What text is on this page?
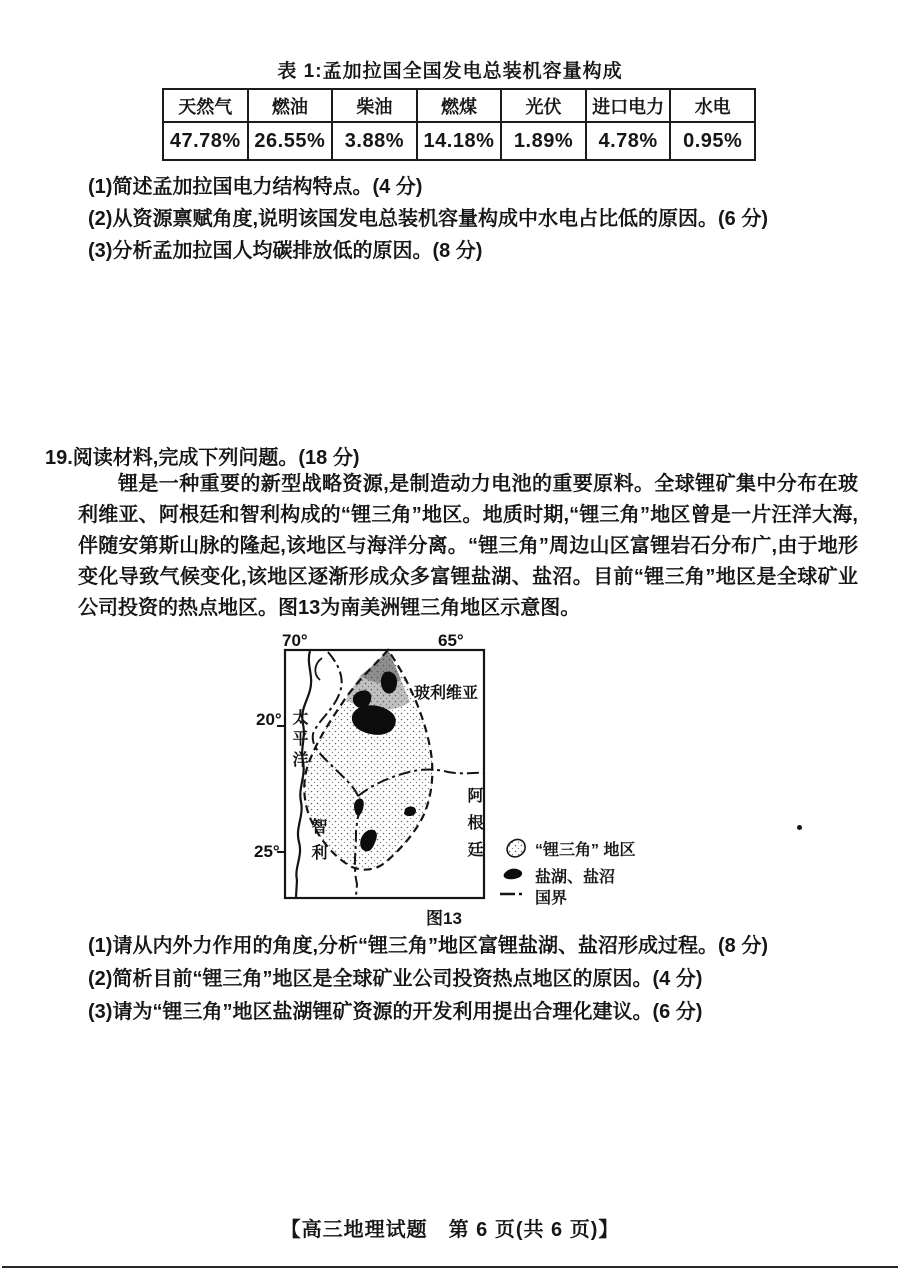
表 1:孟加拉国全国发电总装机容量构成
天然气	燃油	柴油	燃煤	光伏	进口电力	水电
47.78%	26.55%	3.88%	14.18%	1.89%	4.78%	0.95%
(1)简述孟加拉国电力结构特点。(4 分)
(2)从资源禀赋角度,说明该国发电总装机容量构成中水电占比低的原因。(6 分)
(3)分析孟加拉国人均碳排放低的原因。(8 分)
19.阅读材料,完成下列问题。(18 分)
锂是一种重要的新型战略资源,是制造动力电池的重要原料。全球锂矿集中分布在玻利维亚、阿根廷和智利构成的“锂三角”地区。地质时期,“锂三角”地区曾是一片汪洋大海,伴随安第斯山脉的隆起,该地区与海洋分离。“锂三角”周边山区富锂岩石分布广,由于地形变化导致气候变化,该地区逐渐形成众多富锂盐湖、盐沼。目前“锂三角”地区是全球矿业公司投资的热点地区。图13为南美洲锂三角地区示意图。
70°	65°
20°
25°
太平洋
玻利维亚
智利	阿根廷	“锂三角” 地区
盐湖、盐沼
国界
图13
(1)请从内外力作用的角度,分析“锂三角”地区富锂盐湖、盐沼形成过程。(8 分)
(2)简析目前“锂三角”地区是全球矿业公司投资热点地区的原因。(4 分)
(3)请为“锂三角”地区盐湖锂矿资源的开发利用提出合理化建议。(6 分)
【高三地理试题　第 6 页(共 6 页)】
